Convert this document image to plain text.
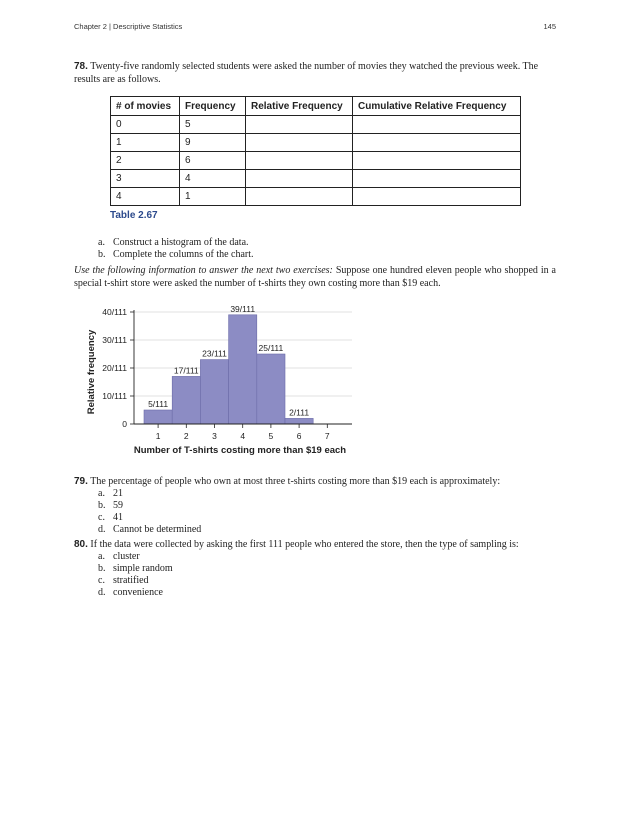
Chapter 2 | Descriptive Statistics	145
78. Twenty-five randomly selected students were asked the number of movies they watched the previous week. The results are as follows.
# of movies	Frequency	Relative Frequency	Cumulative Relative Frequency
0	5		
1	9		
2	6		
3	4		
4	1		
Table 2.67
a. Construct a histogram of the data.
b. Complete the columns of the chart.
Use the following information to answer the next two exercises: Suppose one hundred eleven people who shopped in a special t-shirt store were asked the number of t-shirts they own costing more than $19 each.
0
10/111
20/111
30/111
40/111
1	2	3	4	5	6	7
5/111
17/111
23/111
39/111
25/111
2/111
Relative frequency
Number of T-shirts costing more than $19 each
79. The percentage of people who own at most three t-shirts costing more than $19 each is approximately:
a. 21
b. 59
c. 41
d. Cannot be determined
80. If the data were collected by asking the first 111 people who entered the store, then the type of sampling is:
a. cluster
b. simple random
c. stratified
d. convenience
